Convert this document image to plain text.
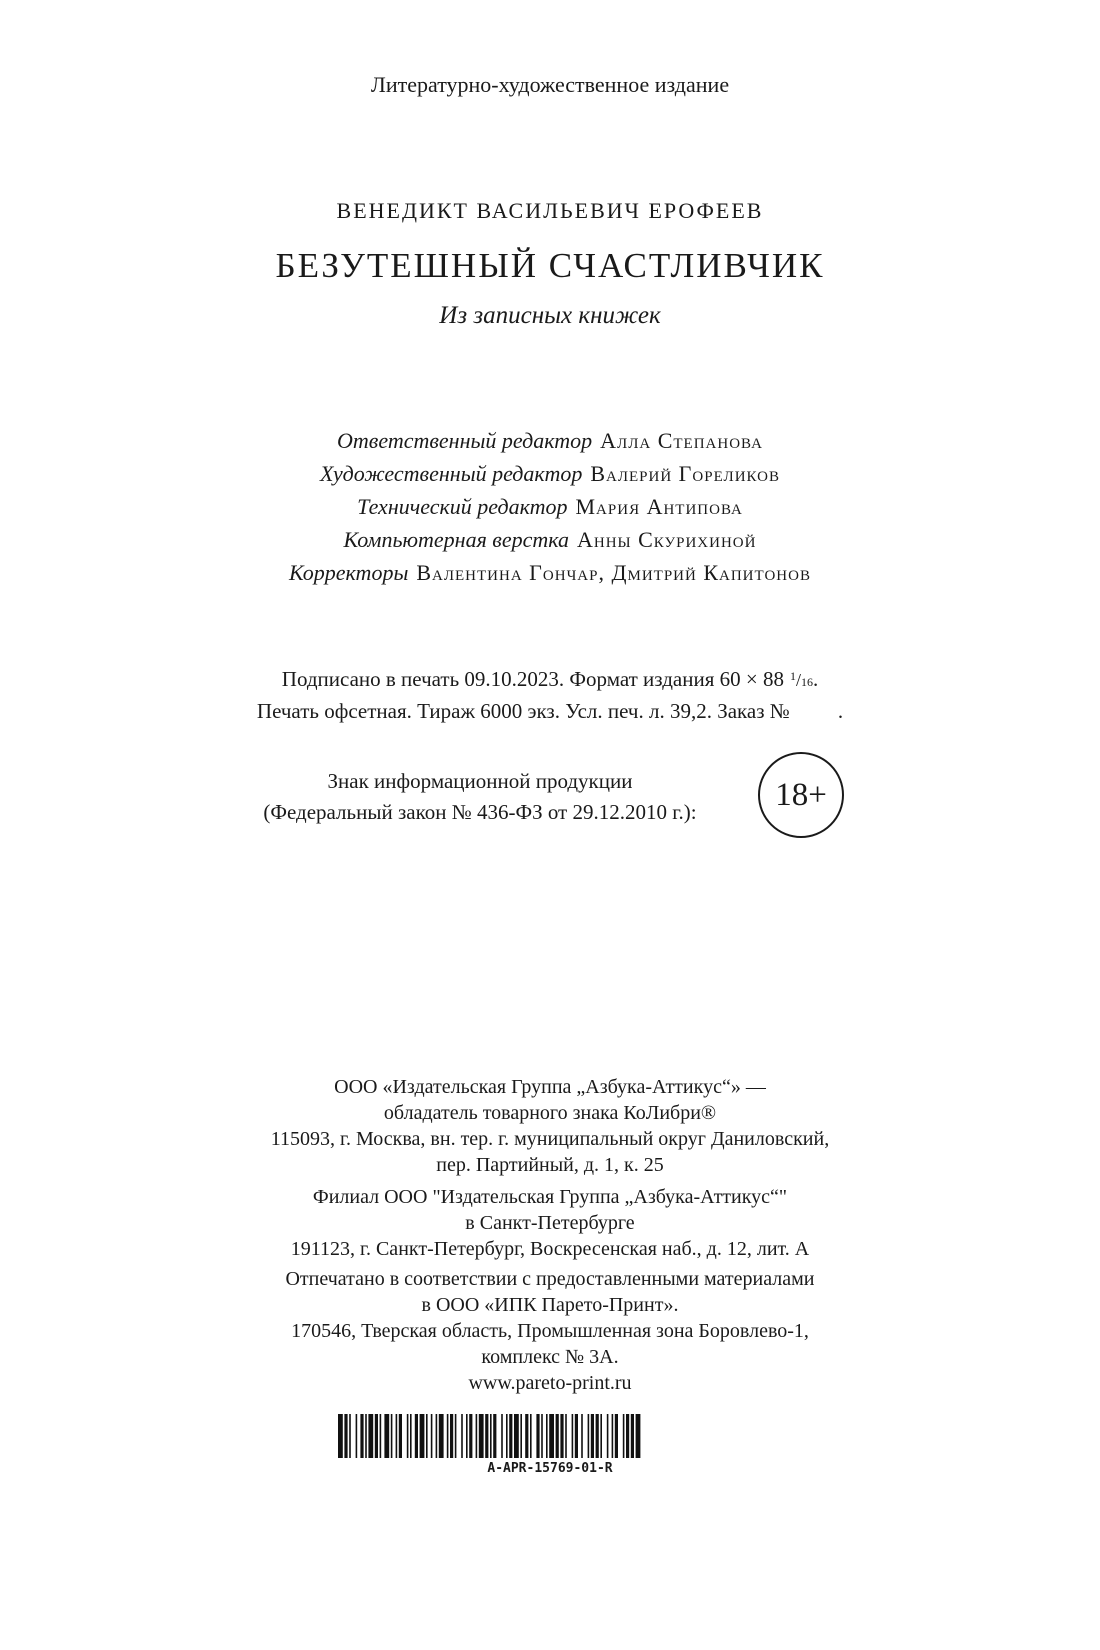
Литературно-художественное издание
ВЕНЕДИКТ ВАСИЛЬЕВИЧ ЕРОФЕЕВ
БЕЗУТЕШНЫЙ СЧАСТЛИВЧИК
Из записных книжек
Ответственный редактор Алла Степанова
Художественный редактор Валерий Гореликов
Технический редактор Мария Антипова
Компьютерная верстка Анны Скурихиной
Корректоры Валентина Гончар, Дмитрий Капитонов
Подписано в печать 09.10.2023. Формат издания 60 × 88 $^1$/16.
Печать офсетная. Тираж 6000 экз. Усл. печ. л. 39,2. Заказ № .
Знак информационной продукции
(Федеральный закон № 436-ФЗ от 29.12.2010 г.):	18+
ООО «Издательская Группа „Азбука-Аттикус“» —
обладатель товарного знака КоЛибри®
115093, г. Москва, вн. тер. г. муниципальный округ Даниловский,
пер. Партийный, д. 1, к. 25
Филиал ООО "Издательская Группа „Азбука-Аттикус“"
в Санкт-Петербурге
191123, г. Санкт-Петербург, Воскресенская наб., д. 12, лит. А
Отпечатано в соответствии с предоставленными материалами
в ООО «ИПК Парето-Принт».
170546, Тверская область, Промышленная зона Боровлево-1,
комплекс № 3А.
www.pareto-print.ru
A-APR-15769-01-R
